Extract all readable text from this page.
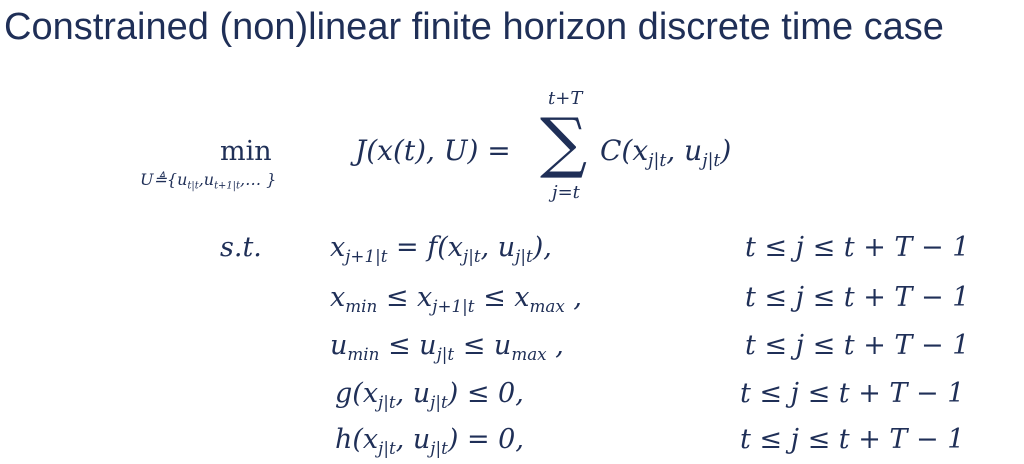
Constrained (non)linear finite horizon discrete time case
min
$U≜\{u_{t|t},u_{t+1|t},\dots$ }
J(x(t), U) =
t+T
∑
j=t
$C(x_{j|t}$, $u_{j|t}$)
s.t.	$x_{j+1|t} = f(x_{j|t}$, $u_{j|t}$),	t ≤ j ≤ t + T − 1
$x_{min} \le x_{j+1|t} \le x_{max}$ ,	t ≤ j ≤ t + T − 1
$u_{min} \le u_{j|t} \le u_{max}$ ,	t ≤ j ≤ t + T − 1
$g(x_{j|t}$, $u_{j|t}) \le 0$,	t ≤ j ≤ t + T − 1
$h(x_{j|t}$, $u_{j|t}) = 0$,	t ≤ j ≤ t + T − 1
